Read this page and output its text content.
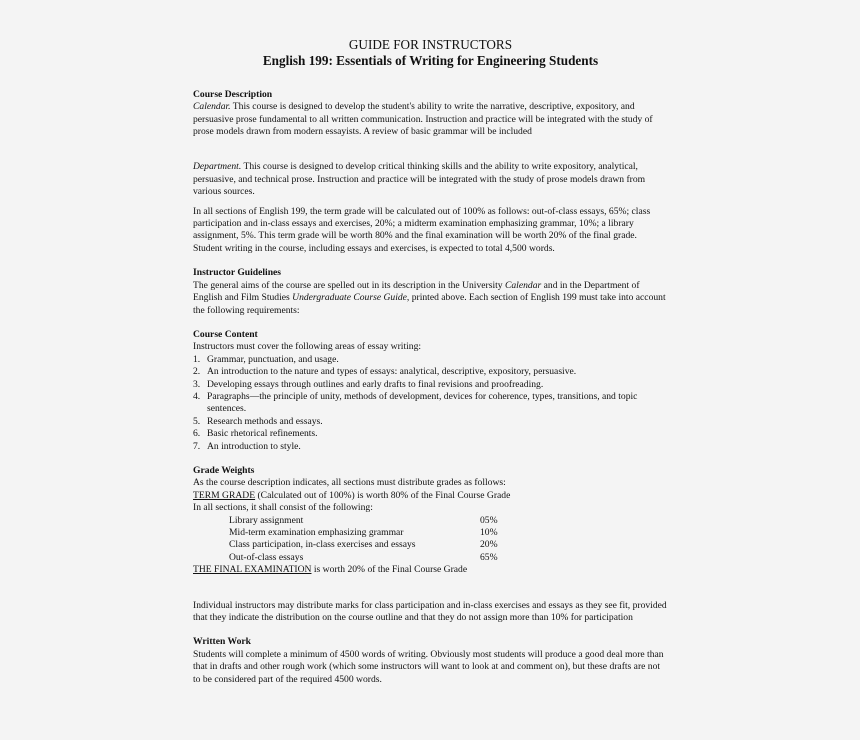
GUIDE FOR INSTRUCTORS

English 199: Essentials of Writing for Engineering Students

Course Description

Calendar. This course is designed to develop the student's ability to write the narrative, descriptive, expository, and persuasive prose fundamental to all written communication. Instruction and practice will be integrated with the study of prose models drawn from modern essayists. A review of basic grammar will be included

Department. This course is designed to develop critical thinking skills and the ability to write expository, analytical, persuasive, and technical prose. Instruction and practice will be integrated with the study of prose models drawn from various sources.

In all sections of English 199, the term grade will be calculated out of 100% as follows: out-of-class essays, 65%; class participation and in-class essays and exercises, 20%; a midterm examination emphasizing grammar, 10%; a library assignment, 5%. This term grade will be worth 80% and the final examination will be worth 20% of the final grade. Student writing in the course, including essays and exercises, is expected to total 4,500 words.

Instructor Guidelines

The general aims of the course are spelled out in its description in the University Calendar and in the Department of English and Film Studies Undergraduate Course Guide, printed above. Each section of English 199 must take into account the following requirements:

Course Content

Instructors must cover the following areas of essay writing:

1. Grammar, punctuation, and usage.
2. An introduction to the nature and types of essays: analytical, descriptive, expository, persuasive.
3. Developing essays through outlines and early drafts to final revisions and proofreading.
4. Paragraphs—the principle of unity, methods of development, devices for coherence, types, transitions, and topic sentences.
5. Research methods and essays.
6. Basic rhetorical refinements.
7. An introduction to style.
Grade Weights

As the course description indicates, all sections must distribute grades as follows:

TERM GRADE (Calculated out of 100%) is worth 80% of the Final Course Grade

In all sections, it shall consist of the following:

Library assignment	05%
Mid-term examination emphasizing grammar	10%
Class participation, in-class exercises and essays	20%
Out-of-class essays	65%

THE FINAL EXAMINATION is worth 20% of the Final Course Grade

Individual instructors may distribute marks for class participation and in-class exercises and essays as they see fit, provided that they indicate the distribution on the course outline and that they do not assign more than 10% for participation

Written Work

Students will complete a minimum of 4500 words of writing. Obviously most students will produce a good deal more than that in drafts and other rough work (which some instructors will want to look at and comment on), but these drafts are not to be considered part of the required 4500 words.
